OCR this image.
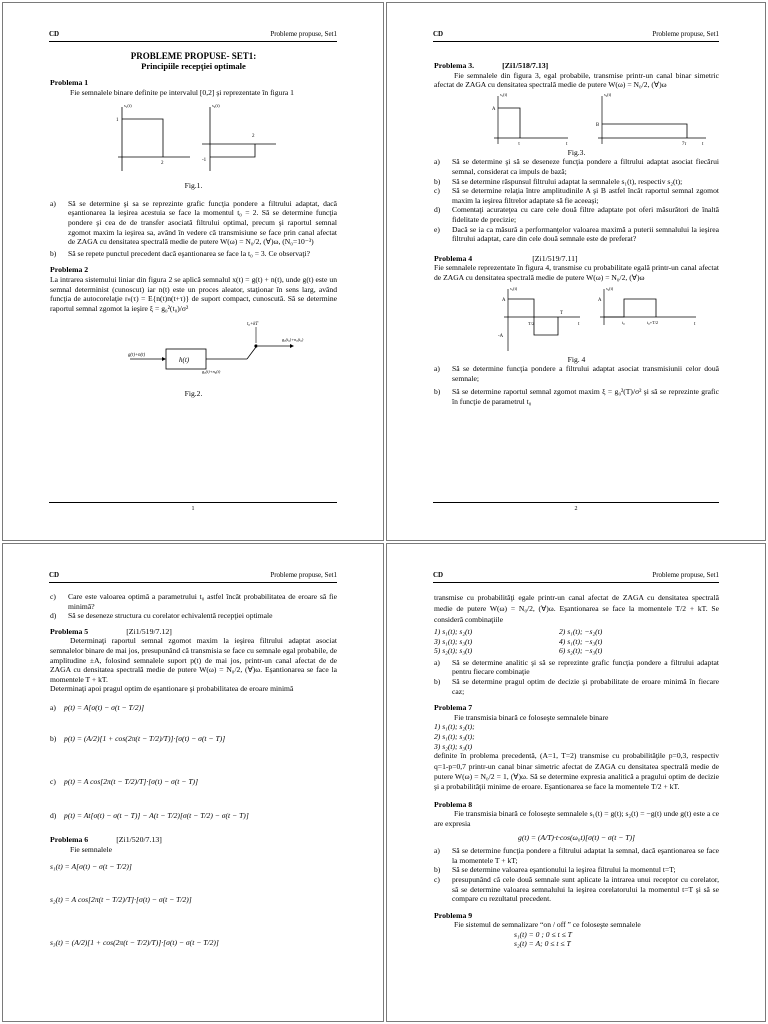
CD	Probleme propuse, Set1
PROBLEME PROPUSE- SET1:
Principiile recepţiei optimale
Problema 1
Fie semnalele binare definite pe intervalul [0,2] şi reprezentate în figura 1
s₁(t)
1
2
s₂(t)
2
-1
Fig.1.
a)	Să se determine şi sa se reprezinte grafic funcţia pondere a filtrului adaptat, dacă eşantionarea la ieşirea acestuia se face la momentul t₀ = 2. Să se determine funcţia pondere şi cea de de transfer asociată filtrului optimal, precum şi raportul semnal zgomot maxim la ieşirea sa, având în vedere că transmisiune se face prin canal afectat de ZAGA cu densitatea spectrală medie de putere W(ω) = N₀/2, (∀)ω, (N₀=10⁻³)
b)	Să se repete punctul precedent dacă eşantionarea se face la t₀ = 3. Ce observaţi?
Problema 2
La intrarea sistemului liniar din figura 2 se aplică semnalul x(t) = g(t) + n(t), unde g(t) este un semnal determinist (cunoscut) iar n(t) este un proces aleator, staţionar în sens larg, având funcţia de autocorelaţie rₙ(τ) = E{n(t)n(t+τ)} de suport compact, cunoscută. Să se determine raportul semnal zgomot la ieşire ξ = g₀²(t₀)/σ²
h(t)
g(t)+n(t)
t₀+kT
g₀(t₀)+n₀(t₀)
g₀(t)+n₀(t)
Fig.2.
1
CD	Probleme propuse, Set1
Problema 3.	[Zi1/518/7.13]
Fie semnalele din figura 3, egal probabile, transmise printr-un canal binar simetric afectat de ZAGA cu densitatea spectrală medie de putere W(ω) = N₀/2, (∀)ω
s₁(t)
A
τ	t
s₂(t)
B
7τ	t
Fig.3.
a)	Să se determine şi să se deseneze funcţia pondere a filtrului adaptat asociat fiecărui semnal, considerat ca impuls de bază;
b)	Să se determine răspunsul filtrului adaptat la semnalele s₁(t), respectiv s₂(t);
c)	Să se determine relaţia între amplitudinile A şi B astfel încât raportul semnal zgomot maxim la ieşirea filtrelor adaptate să fie aceeaşi;
d)	Comentaţi acurateţea cu care cele două filtre adaptate pot oferi măsurători de înaltă fidelitate de precizie;
e)	Dacă se ia ca măsură a performanţelor valoarea maximă a puterii semnalului la ieşirea filtrului adaptat, care din cele două semnale este de preferat?
Problema 4	[Zi1/519/7.11]
Fie semnalele reprezentate în figura 4, transmise cu probabilitate egală printr-un canal afectat de ZAGA cu densitatea spectrală medie de putere W(ω) = N₀/2, (∀)ω
s₁(t)
A
-A
T/2
T
t
s₂(t)
A
t₀	t₀+T/2	t
Fig. 4
a)	Să se determine funcţia pondere a filtrului adaptat asociat transmisiunii celor două semnale;
b)	Să se determine raportul semnal zgomot maxim ξ = g₀²(T)/σ² şi să se reprezinte grafic în funcţie de parametrul t₀
2
CD	Probleme propuse, Set1
c)	Care este valoarea optimă a parametrului t₀ astfel încât probabilitatea de eroare să fie minimă?
d)	Să se deseneze structura cu corelator echivalentă recepţiei optimale
Problema 5	[Zi1/519/7.12]
Determinaţi raportul semnal zgomot maxim la ieşirea filtrului adaptat asociat semnalelor binare de mai jos, presupunând că transmisia se face cu semnale egal probabile, de amplitudine ±A, folosind semnalele suport p(t) de mai jos, printr-un canal afectat de de ZAGA cu densitatea spectrală medie de putere W(ω) = N₀/2, (∀)ω. Eşantionarea se face la momentele T + kT.
Determinaţi apoi pragul optim de eşantionare şi probabilitatea de eroare minimă
a)	p(t) = A[σ(t) − σ(t − T/2)]
b)	p(t) = (A/2)[1 + cos(2π(t − T/2)/T)]·[σ(t) − σ(t − T)]
c)	p(t) = A cos[2π(t − T/2)/T]·[σ(t) − σ(t − T)]
d)	p(t) = At[σ(t) − σ(t − T)] − A(t − T/2)[σ(t − T/2) − σ(t − T)]
Problema 6	[Zi1/520/7.13]
Fie semnalele
s₁(t) = A[σ(t) − σ(t − T/2)]
s₂(t) = A cos[2π(t − T/2)/T]·[σ(t) − σ(t − T/2)]
s₃(t) = (A/2)[1 + cos(2π(t − T/2)/T)]·[σ(t) − σ(t − T/2)]
CD	Probleme propuse, Set1
transmise cu probabilităţi egale printr-un canal afectat de ZAGA cu densitatea spectrală medie de putere W(ω) = N₀/2, (∀)ω. Eşantionarea se face la momentele T/2 + kT. Se consideră combinaţiile
1) s₁(t); s₂(t)	2) s₁(t); −s₂(t)
3) s₁(t); s₃(t)	4) s₁(t); −s₃(t)
5) s₂(t); s₃(t)	6) s₂(t); −s₃(t)
a)	Să se determine analitic şi să se reprezinte grafic funcţia pondere a filtrului adaptat pentru fiecare combinaţie
b)	Să se determine pragul optim de decizie şi probabilitate de eroare minimă în fiecare caz;
Problema 7
Fie transmisia binară ce foloseşte semnalele binare
1) s₁(t); s₂(t);
2) s₁(t); s₃(t);
3) s₂(t); s₃(t)
definite în problema precedentă, (A=1, T=2) transmise cu probabilităţile p=0,3, respectiv q=1-p=0,7 printr-un canal binar simetric afectat de ZAGA cu densitatea spectrală medie de putere W(ω) = N₀/2 = 1, (∀)ω. Să se determine expresia analitică a pragului optim de decizie şi a probabilităţii minime de eroare. Eşantionarea se face la momentele T/2 + kT.
Problema 8
Fie transmisia binară ce foloseşte semnalele s₁(t) = g(t); s₂(t) = −g(t) unde g(t) este a ce are expresia
g(t) = (A/T)·t·cos(ω₀t)[σ(t) − σ(t − T)]
a)	Să se determine funcţia pondere a filtrului adaptat la semnal, dacă eşantionarea se face la momentele T + kT;
b)	Să se determine valoarea eşantionului la ieşirea filtrului la momentul t=T;
c)	presupunând că cele două semnale sunt aplicate la intrarea unui receptor cu corelator, să se determine valoarea semnalului la ieşirea corelatorului la momentul t=T şi să se compare cu rezultatul precedent.
Problema 9
Fie sistemul de semnalizare “on / off ” ce foloseşte semnalele
s₁(t) = 0 ; 0 ≤ t ≤ T
s₂(t) = A; 0 ≤ t ≤ T
